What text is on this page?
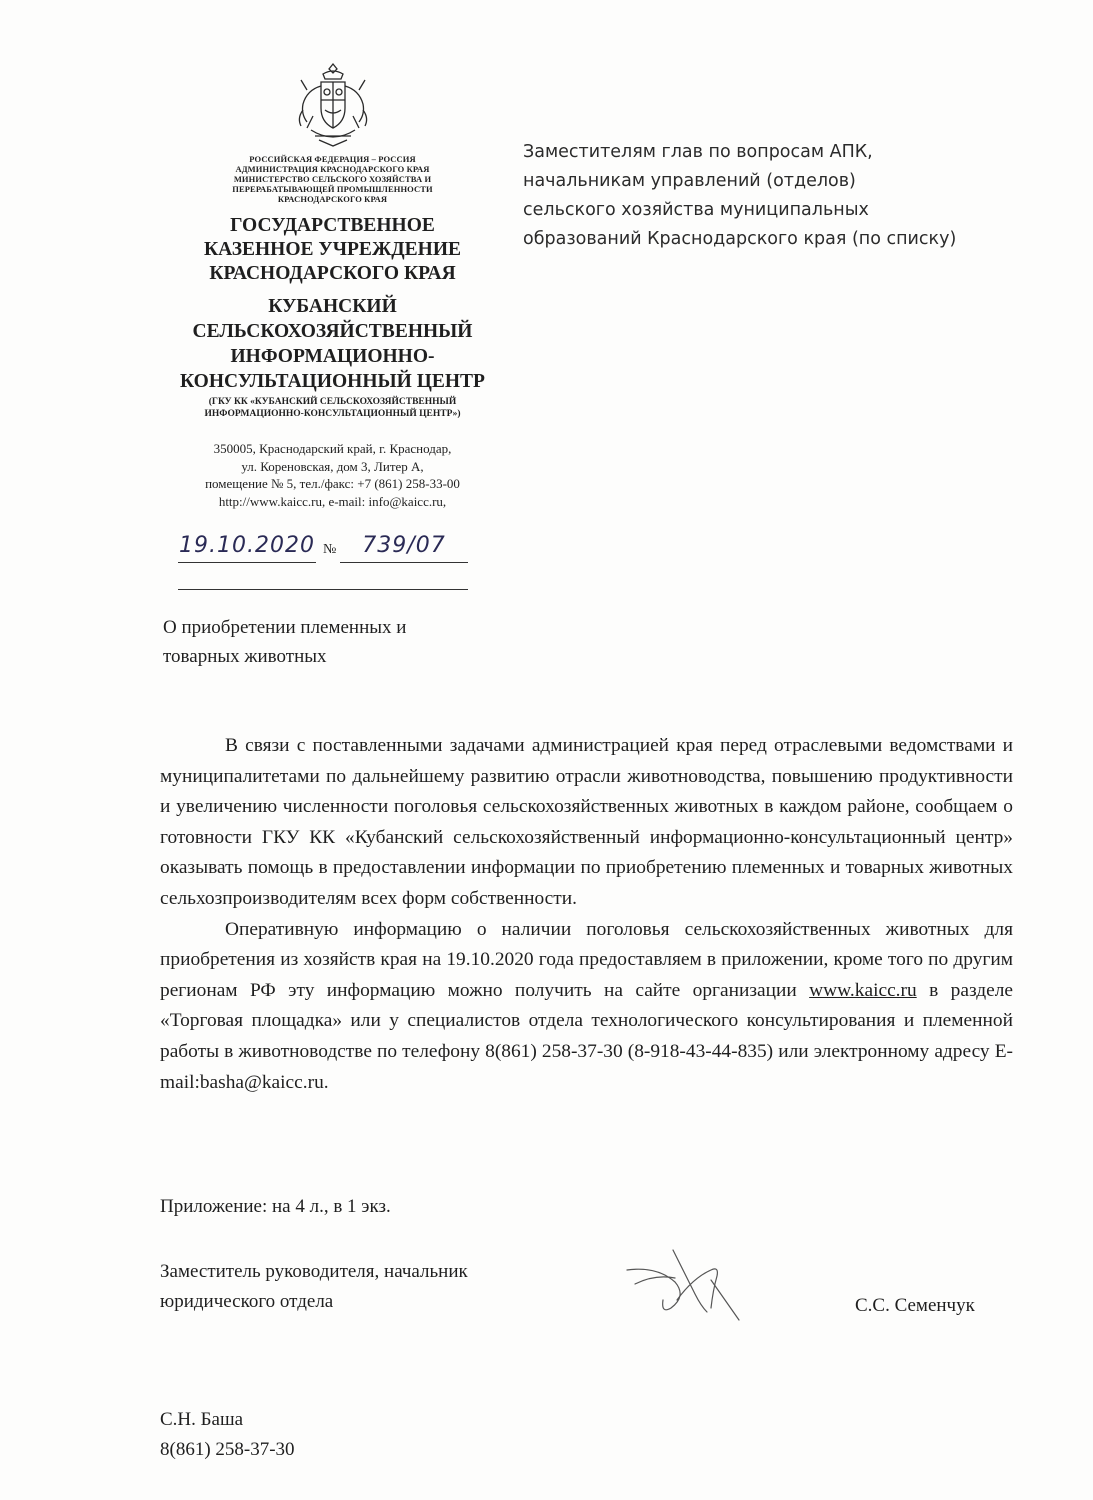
РОССИЙСКАЯ ФЕДЕРАЦИЯ – РОССИЯ
АДМИНИСТРАЦИЯ КРАСНОДАРСКОГО КРАЯ
МИНИСТЕРСТВО СЕЛЬСКОГО ХОЗЯЙСТВА И
ПЕРЕРАБАТЫВАЮЩЕЙ ПРОМЫШЛЕННОСТИ
КРАСНОДАРСКОГО КРАЯ
ГОСУДАРСТВЕННОЕ
КАЗЕННОЕ УЧРЕЖДЕНИЕ
КРАСНОДАРСКОГО КРАЯ
КУБАНСКИЙ
СЕЛЬСКОХОЗЯЙСТВЕННЫЙ
ИНФОРМАЦИОННО-
КОНСУЛЬТАЦИОННЫЙ ЦЕНТР
(ГКУ КК «КУБАНСКИЙ СЕЛЬСКОХОЗЯЙСТВЕННЫЙ
ИНФОРМАЦИОННО-КОНСУЛЬТАЦИОННЫЙ ЦЕНТР»)
350005, Краснодарский край, г. Краснодар,
ул. Кореновская, дом 3, Литер А,
помещение № 5, тел./факс: +7 (861) 258-33-00
http://www.kaicc.ru, e-mail: info@kaicc.ru,
19.10.2020 №	739/07
О приобретении племенных и
товарных животных
Заместителям глав по вопросам АПК,
начальникам управлений (отделов)
сельского хозяйства муниципальных
образований Краснодарского края (по списку)

В связи с поставленными задачами администрацией края перед отраслевыми ведомствами и муниципалитетами по дальнейшему развитию отрасли животноводства, повышению продуктивности и увеличению численности поголовья сельскохозяйственных животных в каждом районе, сообщаем о готовности ГКУ КК «Кубанский сельскохозяйственный информационно-консультационный центр» оказывать помощь в предоставлении информации по приобретению племенных и товарных животных сельхозпроизводителям всех форм собственности.

Оперативную информацию о наличии поголовья сельскохозяйственных животных для приобретения из хозяйств края на 19.10.2020 года предоставляем в приложении, кроме того по другим регионам РФ эту информацию можно получить на сайте организации www.kaicc.ru в разделе «Торговая площадка» или у специалистов отдела технологического консультирования и племенной работы в животноводстве по телефону 8(861) 258-37-30 (8-918-43-44-835) или электронному адресу E-mail:basha@kaicc.ru.

Приложение: на 4 л., в 1 экз.
Заместитель руководителя, начальник
юридического отдела	С.С. Семенчук
С.Н. Баша
8(861) 258-37-30
